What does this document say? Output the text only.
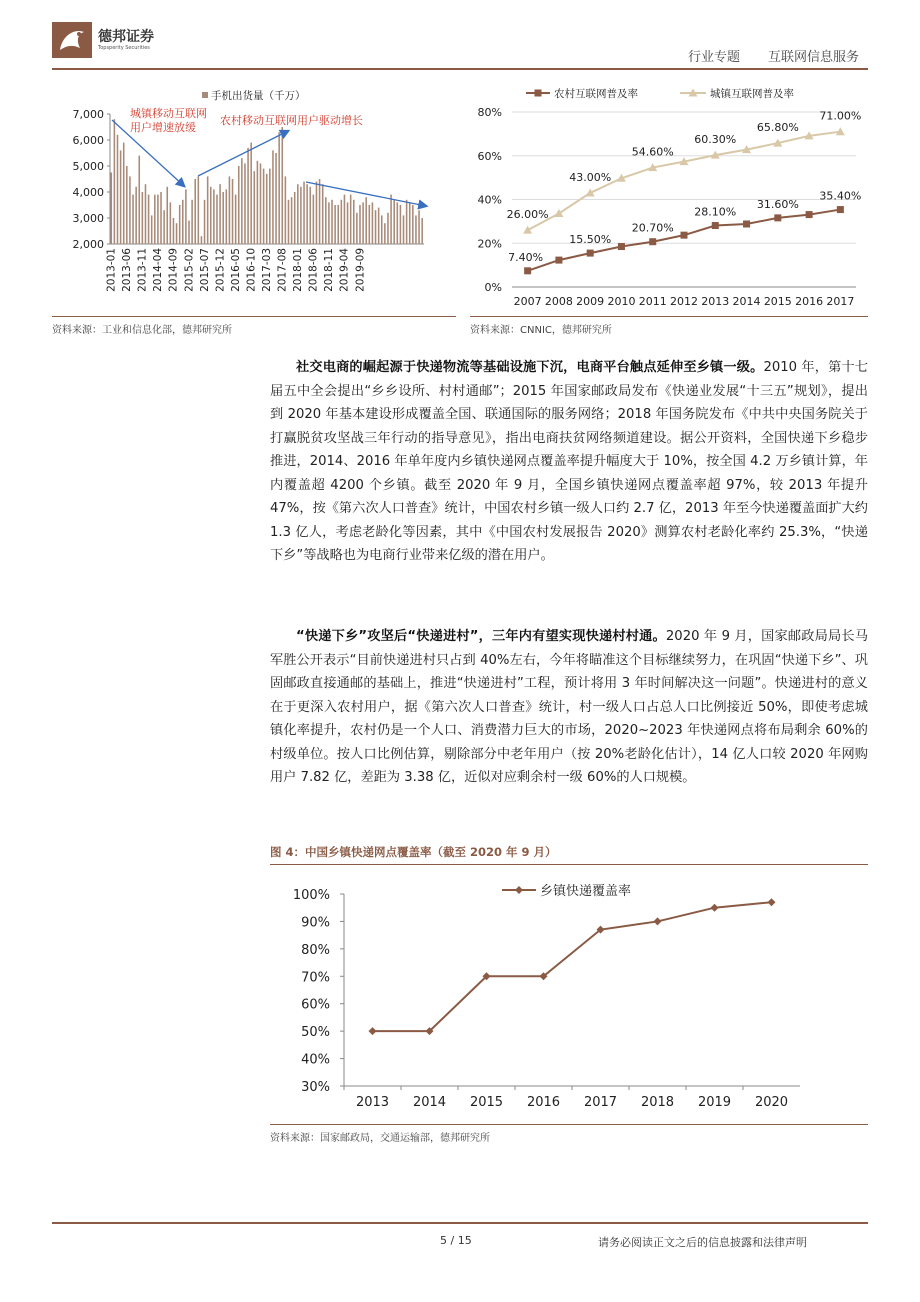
德邦证券
Topsperity Securities
行业专题 互联网信息服务
7,000
6,000
5,000
4,000
3,000
2,000
2013-01 2013-06 2013-11 2014-04 2014-09 2015-02 2015-07 2015-12 2016-05 2016-10 2017-03 2017-08 2018-01 2018-06 2018-11 2019-04 2019-09
手机出货量（千万）
城镇移动互联网
用户增速放缓
农村移动互联网用户驱动增长
资料来源：工业和信息化部，德邦研究所
80%
60%
40%
20%
0%
2007 2008 2009 2010 2011 2012 2013 2014 2015 2016 2017
7.40%
15.50%
20.70%
28.10%
31.60%
35.40%
26.00%
43.00%
54.60%
60.30%
65.80%
71.00%
农村互联网普及率	城镇互联网普及率
资料来源：CNNIC，德邦研究所
社交电商的崛起源于快递物流等基础设施下沉，电商平台触点延伸至乡镇一级。2010 年，第十七届五中全会提出“乡乡设所、村村通邮”；2015 年国家邮政局发布《快递业发展“十三五”规划》，提出到 2020 年基本建设形成覆盖全国、联通国际的服务网络；2018 年国务院发布《中共中央国务院关于打赢脱贫攻坚战三年行动的指导意见》，指出电商扶贫网络频道建设。据公开资料，全国快递下乡稳步推进，2014、2016 年单年度内乡镇快递网点覆盖率提升幅度大于 10%，按全国 4.2 万乡镇计算，年内覆盖超 4200 个乡镇。截至 2020 年 9 月，全国乡镇快递网点覆盖率超 97%，较 2013 年提升 47%，按《第六次人口普查》统计，中国农村乡镇一级人口约 2.7 亿，2013 年至今快递覆盖面扩大约 1.3 亿人，考虑老龄化等因素，其中《中国农村发展报告 2020》测算农村老龄化率约 25.3%，“快递下乡”等战略也为电商行业带来亿级的潜在用户。
“快递下乡”攻坚后“快递进村”，三年内有望实现快递村村通。2020 年 9 月，国家邮政局局长马军胜公开表示“目前快递进村只占到 40%左右，今年将瞄准这个目标继续努力，在巩固“快递下乡”、巩固邮政直接通邮的基础上，推进“快递进村”工程，预计将用 3 年时间解决这一问题”。快递进村的意义在于更深入农村用户，据《第六次人口普查》统计，村一级人口占总人口比例接近 50%，即使考虑城镇化率提升，农村仍是一个人口、消费潜力巨大的市场，2020~2023 年快递网点将布局剩余 60%的村级单位。按人口比例估算，剔除部分中老年用户（按 20%老龄化估计），14 亿人口较 2020 年网购用户 7.82 亿，差距为 3.38 亿，近似对应剩余村一级 60%的人口规模。
图 4：中国乡镇快递网点覆盖率（截至 2020 年 9 月）
100%
90%
80%
70%
60%
50%
40%
30%
2013 2014 2015 2016 2017 2018 2019 2020
乡镇快递覆盖率
资料来源：国家邮政局，交通运输部，德邦研究所
5 / 15	请务必阅读正文之后的信息披露和法律声明
